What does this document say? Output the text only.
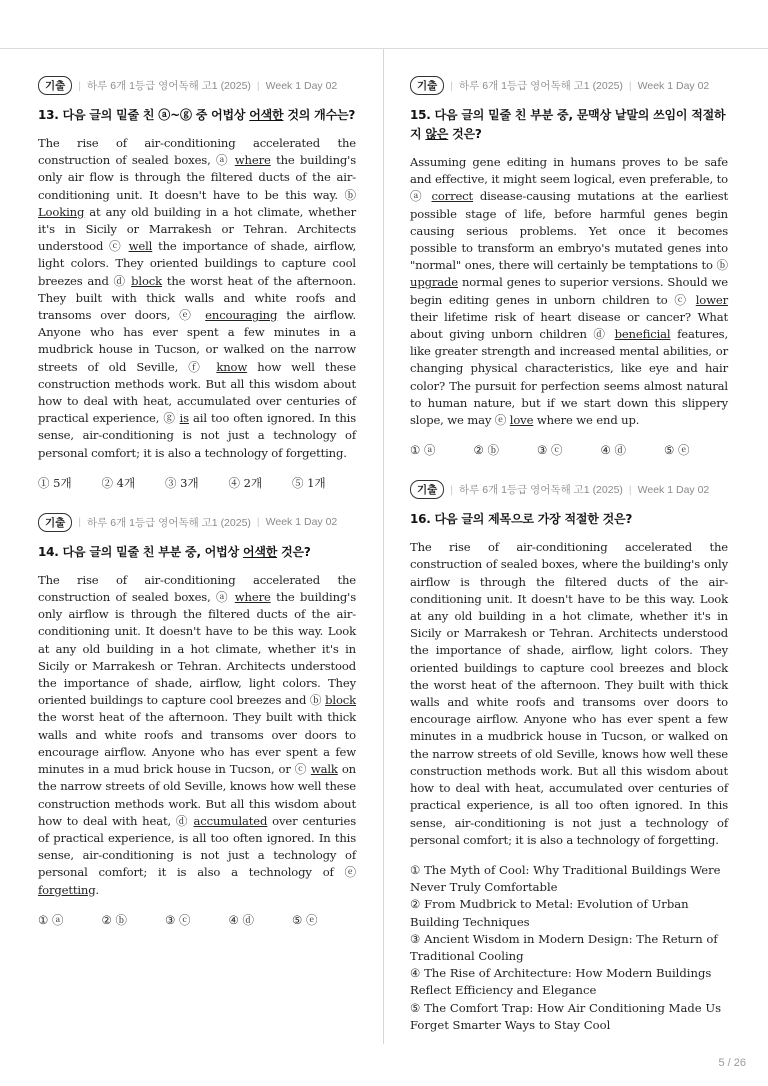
기출	| 하루 6개 1등급 영어독해 고1 (2025) | Week 1 Day 02
13. 다음 글의 밑줄 친 ⓐ~ⓖ 중 어법상 어색한 것의 개수는?

The rise of air-conditioning accelerated the construction of sealed boxes, ⓐ where the building's only air flow is through the filtered ducts of the air-conditioning unit. It doesn't have to be this way. ⓑ Looking at any old building in a hot climate, whether it's in Sicily or Marrakesh or Tehran. Architects understood ⓒ well the importance of shade, airflow, light colors. They oriented buildings to capture cool breezes and ⓓ block the worst heat of the afternoon. They built with thick walls and white roofs and transoms over doors, ⓔ encouraging the airflow. Anyone who has ever spent a few minutes in a mudbrick house in Tucson, or walked on the narrow streets of old Seville, ⓕ know how well these construction methods work. But all this wisdom about how to deal with heat, accumulated over centuries of practical experience, ⓖ is ail too often ignored. In this sense, air-conditioning is not just a technology of personal comfort; it is also a technology of forgetting.

① 5개	② 4개	③ 3개	④ 2개	⑤ 1개
기출	| 하루 6개 1등급 영어독해 고1 (2025) | Week 1 Day 02
14. 다음 글의 밑줄 친 부분 중, 어법상 어색한 것은?

The rise of air-conditioning accelerated the construction of sealed boxes, ⓐ where the building's only airflow is through the filtered ducts of the air-conditioning unit. It doesn't have to be this way. Look at any old building in a hot climate, whether it's in Sicily or Marrakesh or Tehran. Architects understood the importance of shade, airflow, light colors. They oriented buildings to capture cool breezes and ⓑ block the worst heat of the afternoon. They built with thick walls and white roofs and transoms over doors to encourage airflow. Anyone who has ever spent a few minutes in a mud brick house in Tucson, or ⓒ walk on the narrow streets of old Seville, knows how well these construction methods work. But all this wisdom about how to deal with heat, ⓓ accumulated over centuries of practical experience, is all too often ignored. In this sense, air-conditioning is not just a technology of personal comfort; it is also a technology of ⓔ forgetting.

① ⓐ	② ⓑ	③ ⓒ	④ ⓓ	⑤ ⓔ
기출	| 하루 6개 1등급 영어독해 고1 (2025) | Week 1 Day 02
15. 다음 글의 밑줄 친 부분 중, 문맥상 낱말의 쓰임이 적절하지 않은 것은?

Assuming gene editing in humans proves to be safe and effective, it might seem logical, even preferable, to ⓐ correct disease-causing mutations at the earliest possible stage of life, before harmful genes begin causing serious problems. Yet once it becomes possible to transform an embryo's mutated genes into "normal" ones, there will certainly be temptations to ⓑ upgrade normal genes to superior versions. Should we begin editing genes in unborn children to ⓒ lower their lifetime risk of heart disease or cancer? What about giving unborn children ⓓ beneficial features, like greater strength and increased mental abilities, or changing physical characteristics, like eye and hair color? The pursuit for perfection seems almost natural to human nature, but if we start down this slippery slope, we may ⓔ love where we end up.

① ⓐ	② ⓑ	③ ⓒ	④ ⓓ	⑤ ⓔ
기출	| 하루 6개 1등급 영어독해 고1 (2025) | Week 1 Day 02
16. 다음 글의 제목으로 가장 적절한 것은?

The rise of air-conditioning accelerated the construction of sealed boxes, where the building's only airflow is through the filtered ducts of the air-conditioning unit. It doesn't have to be this way. Look at any old building in a hot climate, whether it's in Sicily or Marrakesh or Tehran. Architects understood the importance of shade, airflow, light colors. They oriented buildings to capture cool breezes and block the worst heat of the afternoon. They built with thick walls and white roofs and transoms over doors to encourage airflow. Anyone who has ever spent a few minutes in a mudbrick house in Tucson, or walked on the narrow streets of old Seville, knows how well these construction methods work. But all this wisdom about how to deal with heat, accumulated over centuries of practical experience, is all too often ignored. In this sense, air-conditioning is not just a technology of personal comfort; it is also a technology of forgetting.

① The Myth of Cool: Why Traditional Buildings Were Never Truly Comfortable
② From Mudbrick to Metal: Evolution of Urban Building Techniques
③ Ancient Wisdom in Modern Design: The Return of Traditional Cooling
④ The Rise of Architecture: How Modern Buildings Reflect Efficiency and Elegance
⑤ The Comfort Trap: How Air Conditioning Made Us Forget Smarter Ways to Stay Cool
5 / 26
